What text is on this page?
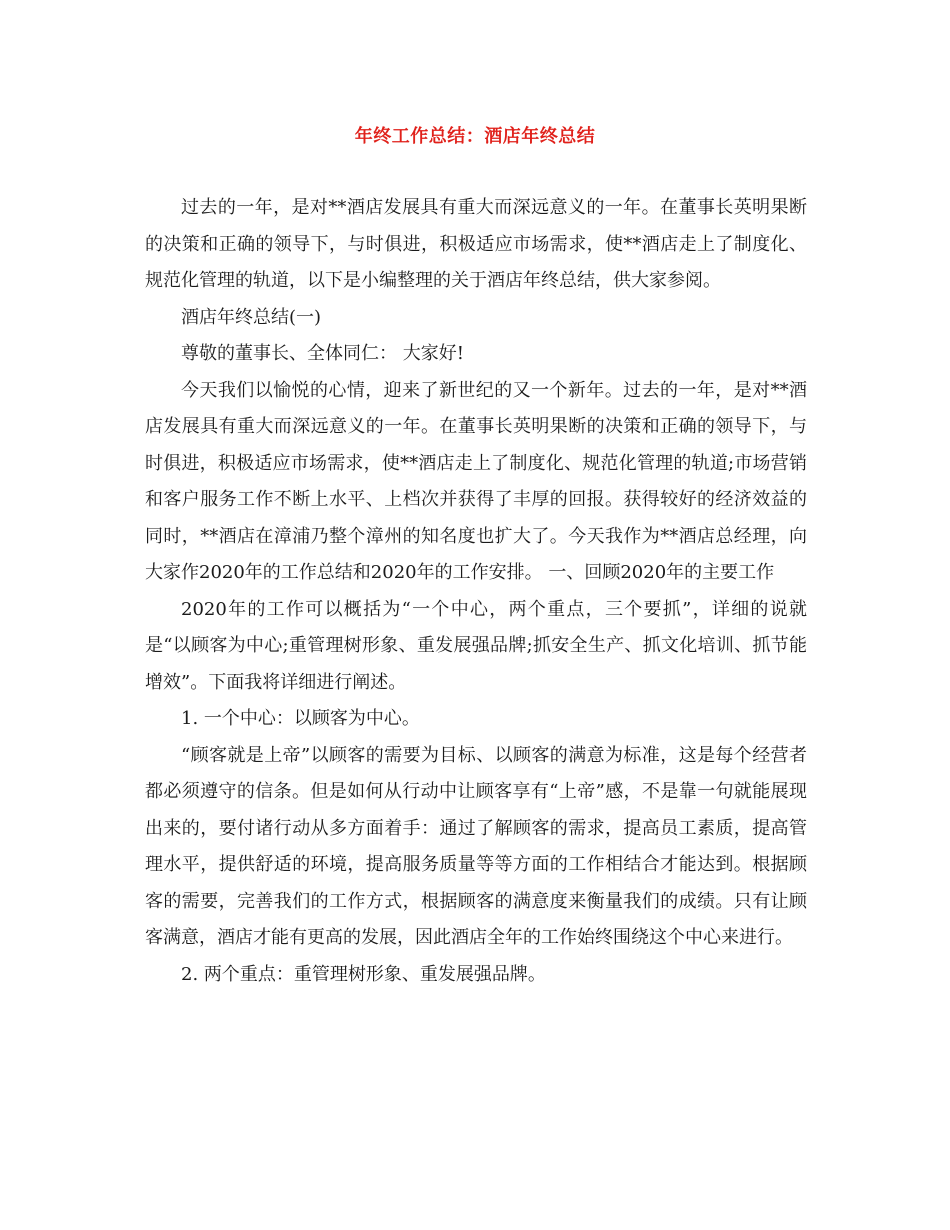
年终工作总结：酒店年终总结

过去的一年，是对**酒店发展具有重大而深远意义的一年。在董事长英明果断的决策和正确的领导下，与时俱进，积极适应市场需求，使**酒店走上了制度化、规范化管理的轨道，以下是小编整理的关于酒店年终总结，供大家参阅。

酒店年终总结(一)

尊敬的董事长、全体同仁： 大家好!

今天我们以愉悦的心情，迎来了新世纪的又一个新年。过去的一年，是对**酒店发展具有重大而深远意义的一年。在董事长英明果断的决策和正确的领导下，与时俱进，积极适应市场需求，使**酒店走上了制度化、规范化管理的轨道;市场营销和客户服务工作不断上水平、上档次并获得了丰厚的回报。获得较好的经济效益的同时，**酒店在漳浦乃整个漳州的知名度也扩大了。今天我作为**酒店总经理，向大家作2020年的工作总结和2020年的工作安排。 一、回顾2020年的主要工作

2020年的工作可以概括为“一个中心，两个重点，三个要抓”，详细的说就是“以顾客为中心;重管理树形象、重发展强品牌;抓安全生产、抓文化培训、抓节能增效”。下面我将详细进行阐述。

1. 一个中心：以顾客为中心。

“顾客就是上帝”以顾客的需要为目标、以顾客的满意为标准，这是每个经营者都必须遵守的信条。但是如何从行动中让顾客享有“上帝”感，不是靠一句就能展现出来的，要付诸行动从多方面着手：通过了解顾客的需求，提高员工素质，提高管理水平，提供舒适的环境，提高服务质量等等方面的工作相结合才能达到。根据顾客的需要，完善我们的工作方式，根据顾客的满意度来衡量我们的成绩。只有让顾客满意，酒店才能有更高的发展，因此酒店全年的工作始终围绕这个中心来进行。

2. 两个重点：重管理树形象、重发展强品牌。
